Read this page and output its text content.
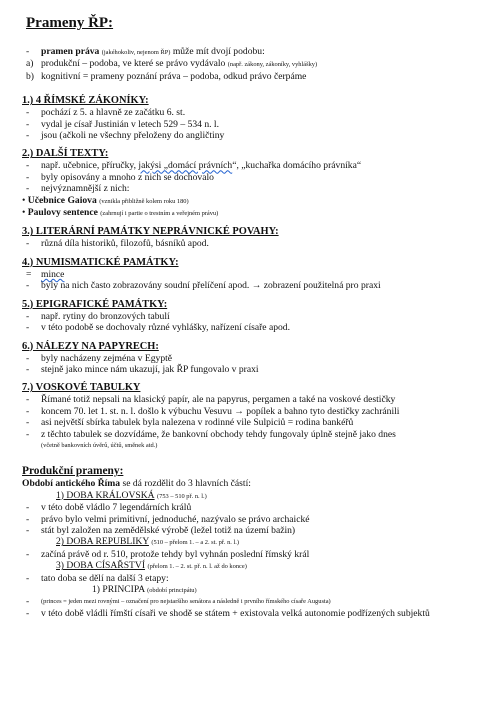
Prameny ŘP:
-	pramen práva (jakéhokoliv, nejenom ŘP) může mít dvojí podobu:
a) produkční – podoba, ve které se právo vydávalo (např. zákony, zákoníky, vyhlášky)
b) kognitivní = prameny poznání práva – podoba, odkud právo čerpáme
1.) 4 ŘÍMSKÉ ZÁKONÍKY:
-	pochází z 5. a hlavně ze začátku 6. st.
-	vydal je císař Justinián v letech 529 – 534 n. l.
-	jsou (ačkoli ne všechny přeloženy do angličtiny
2.) DALŠÍ TEXTY:
-	např. učebnice, příručky, jakýsi „domácí právních“, „kuchařka domácího právníka“
-	byly opisovány a mnoho z nich se dochovalo
-	nejvýznamnější z nich:
• Učebnice Gaiova (vznikla přibližně kolem roku 180)
• Paulovy sentence (zahrnují i partie o trestním a veřejném právu)
3.) LITERÁRNÍ PAMÁTKY NEPRÁVNICKÉ POVAHY:
-	různá díla historiků, filozofů, básníků apod.
4.) NUMISMATICKÉ PAMÁTKY:
= mince
-	byly na nich často zobrazovány soudní přelíčení apod. → zobrazení použitelná pro praxi
5.) EPIGRAFICKÉ PAMÁTKY:
-	např. rytiny do bronzových tabulí
-	v této podobě se dochovaly různé vyhlášky, nařízení císaře apod.
6.) NÁLEZY NA PAPYRECH:
-	byly nacházeny zejména v Egyptě
-	stejně jako mince nám ukazují, jak ŘP fungovalo v praxi
7.) VOSKOVÉ TABULKY
-	Římané totiž nepsali na klasický papír, ale na papyrus, pergamen a také na voskové destičky
-	koncem 70. let 1. st. n. l. došlo k výbuchu Vesuvu → popílek a bahno tyto destičky zachránili
-	asi největší sbírka tabulek byla nalezena v rodinné vile Sulpiciů = rodina bankéřů
-	z těchto tabulek se dozvídáme, že bankovní obchody tehdy fungovaly úplně stejně jako dnes
(včetně bankovních úvěrů, účtů, směnek atd.)
Produkční prameny:
Období antického Říma se dá rozdělit do 3 hlavních částí:
1) DOBA KRÁLOVSKÁ (753 – 510 př. n. l.)
-	v této době vládlo 7 legendárních králů
-	právo bylo velmi primitivní, jednoduché, nazývalo se právo archaické
-	stát byl založen na zemědělské výrobě (ležel totiž na území bažin)
2) DOBA REPUBLIKY (510 – přelom 1. – a 2. st. př. n. l.)
-	začíná právě od r. 510, protože tehdy byl vyhnán poslední římský král
3) DOBA CÍSAŘSTVÍ (přelom 1. – 2. st. př. n. l. až do konce)
-	tato doba se dělí na další 3 etapy:
1) PRINCIPA (období principátu)
-	(princes = jeden mezi rovnými – označení pro nejstaršího senátora a následně i prvního římského císaře Augusta)
-	v této době vládli římští císaři ve shodě se státem + existovala velká autonomie podřízených subjektů
